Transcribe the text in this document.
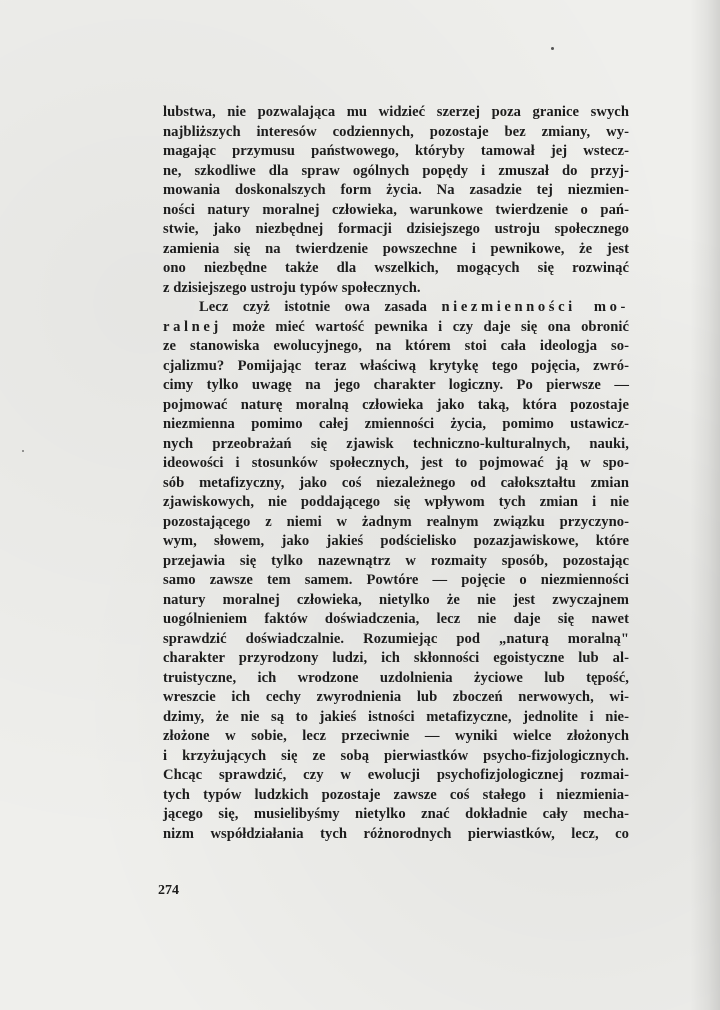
lubstwa, nie pozwalająca mu widzieć szerzej poza granice swych
najbliższych interesów codziennych, pozostaje bez zmiany, wy-
magając przymusu państwowego, któryby tamował jej wstecz-
ne, szkodliwe dla spraw ogólnych popędy i zmuszał do przyj-
mowania doskonalszych form życia. Na zasadzie tej niezmien-
ności natury moralnej człowieka, warunkowe twierdzenie o pań-
stwie, jako niezbędnej formacji dzisiejszego ustroju społecznego
zamienia się na twierdzenie powszechne i pewnikowe, że jest
ono niezbędne także dla wszelkich, mogących się rozwinąć
z dzisiejszego ustroju typów społecznych.
Lecz czyż istotnie owa zasada niezmienności mo-
ralnej może mieć wartość pewnika i czy daje się ona obronić
ze stanowiska ewolucyjnego, na którem stoi cała ideologja so-
cjalizmu? Pomijając teraz właściwą krytykę tego pojęcia, zwró-
cimy tylko uwagę na jego charakter logiczny. Po pierwsze —
pojmować naturę moralną człowieka jako taką, która pozostaje
niezmienna pomimo całej zmienności życia, pomimo ustawicz-
nych przeobrażań się zjawisk techniczno-kulturalnych, nauki,
ideowości i stosunków społecznych, jest to pojmować ją w spo-
sób metafizyczny, jako coś niezależnego od całokształtu zmian
zjawiskowych, nie poddającego się wpływom tych zmian i nie
pozostającego z niemi w żadnym realnym związku przyczyno-
wym, słowem, jako jakieś podścielisko pozazjawiskowe, które
przejawia się tylko nazewnątrz w rozmaity sposób, pozostając
samo zawsze tem samem. Powtóre — pojęcie o niezmienności
natury moralnej człowieka, nietylko że nie jest zwyczajnem
uogólnieniem faktów doświadczenia, lecz nie daje się nawet
sprawdzić doświadczalnie. Rozumiejąc pod „naturą moralną"
charakter przyrodzony ludzi, ich skłonności egoistyczne lub al-
truistyczne, ich wrodzone uzdolnienia życiowe lub tępość,
wreszcie ich cechy zwyrodnienia lub zboczeń nerwowych, wi-
dzimy, że nie są to jakieś istności metafizyczne, jednolite i nie-
złożone w sobie, lecz przeciwnie — wyniki wielce złożonych
i krzyżujących się ze sobą pierwiastków psycho-fizjologicznych.
Chcąc sprawdzić, czy w ewolucji psychofizjologicznej rozmai-
tych typów ludzkich pozostaje zawsze coś stałego i niezmienia-
jącego się, musielibyśmy nietylko znać dokładnie cały mecha-
nizm współdziałania tych różnorodnych pierwiastków, lecz, co
274
